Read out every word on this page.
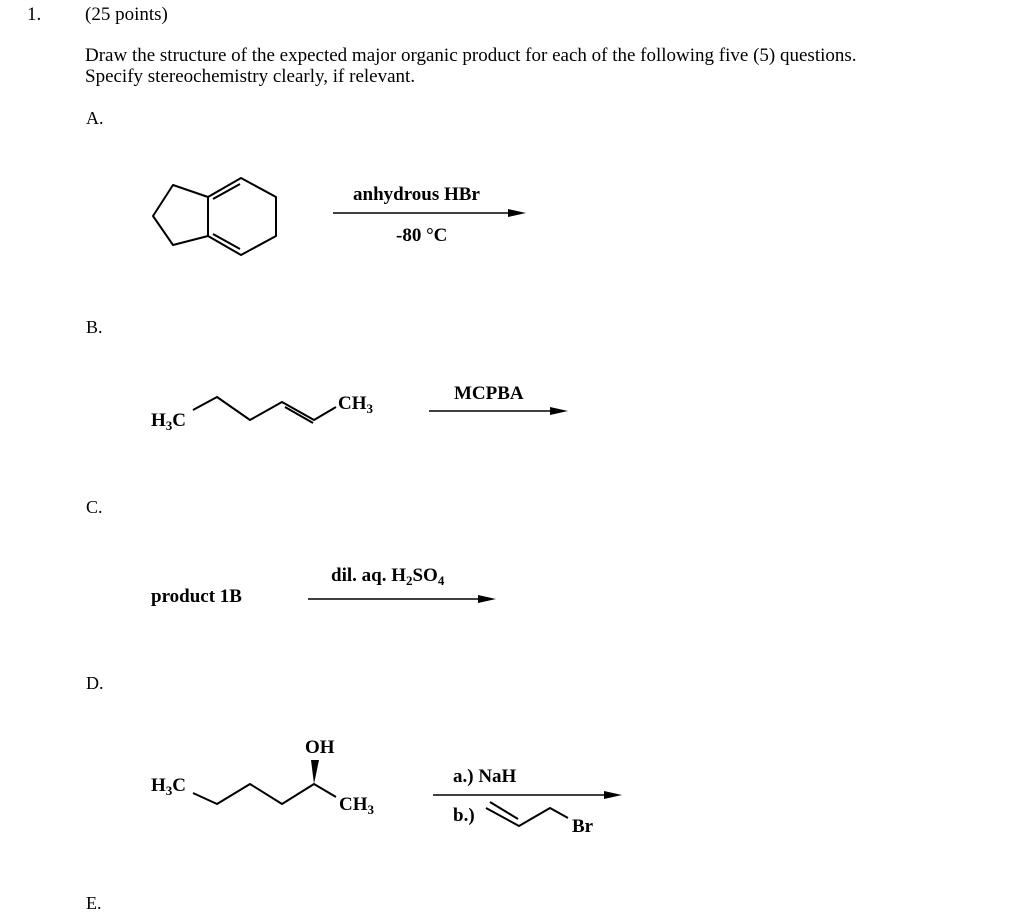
1. (25 points)
Draw the structure of the expected major organic product for each of the following five (5) questions.
Specify stereochemistry clearly, if relevant.
A.
B.
C.
D.
E.
anhydrous HBr
-80 °C
$H_3C$
$CH_3$
MCPBA
product 1B
dil. aq. $H_2SO_4$
OH
$H_3C$
$CH_3$
a.) NaH
b.)
Br
